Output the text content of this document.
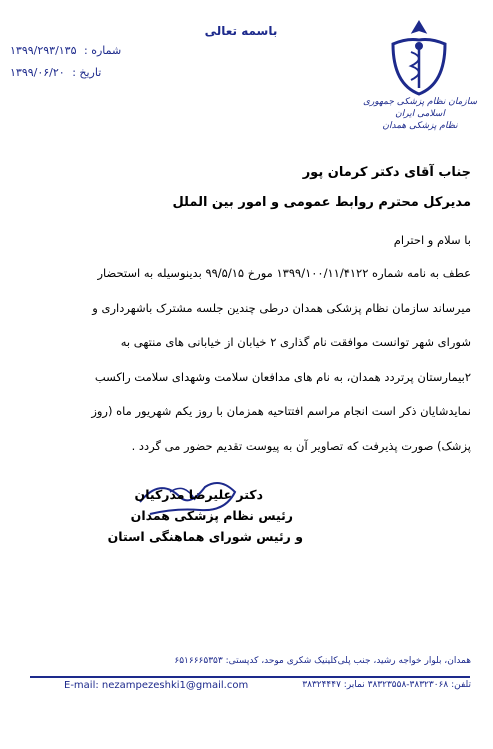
باسمه تعالی
شماره : ۱۳۹۹/۲۹۳/۱۳۵
تاریخ : ۱۳۹۹/۰۶/۲۰
سازمان نظام پزشکی جمهوری اسلامی ایران
نظام پزشکی همدان
جناب آقای دکتر کرمان پور
مدیرکل محترم روابط عمومی و امور بین الملل
با سلام و احترام
عطف به نامه شماره ۱۳۹۹/۱۰۰/۱۱/۴۱۲۲ مورخ ۹۹/۵/۱۵ بدینوسیله به استحضار
میرساند سازمان نظام پزشکی همدان درطی چندین جلسه مشترک باشهرداری و
شورای شهر توانست موافقت نام گذاری ۲ خیابان از خیابانی های منتهی به
۲بیمارستان پرتردد همدان، به نام های مدافعان سلامت وشهدای سلامت راکسب
نمایدشایان ذکر است انجام مراسم افتتاحیه همزمان با روز یکم شهریور ماه (روز
پزشک) صورت پذیرفت که تصاویر آن به پیوست تقدیم حضور می گردد .
دکتر علیرضا مدرکیان
رئیس نظام پزشکی همدان
و رئیس شورای هماهنگی استان
همدان، بلوار خواجه رشید، جنب پلی‌کلینیک شکری موحد، کدپستی: ۶۵۱۶۶۶۵۳۵۳
تلفن: ۳۸۳۲۳۰۶۸-۳۸۳۲۳۵۵۸ نمابر: ۳۸۳۲۴۴۴۷
E-mail: nezampezeshki1@gmail.com
